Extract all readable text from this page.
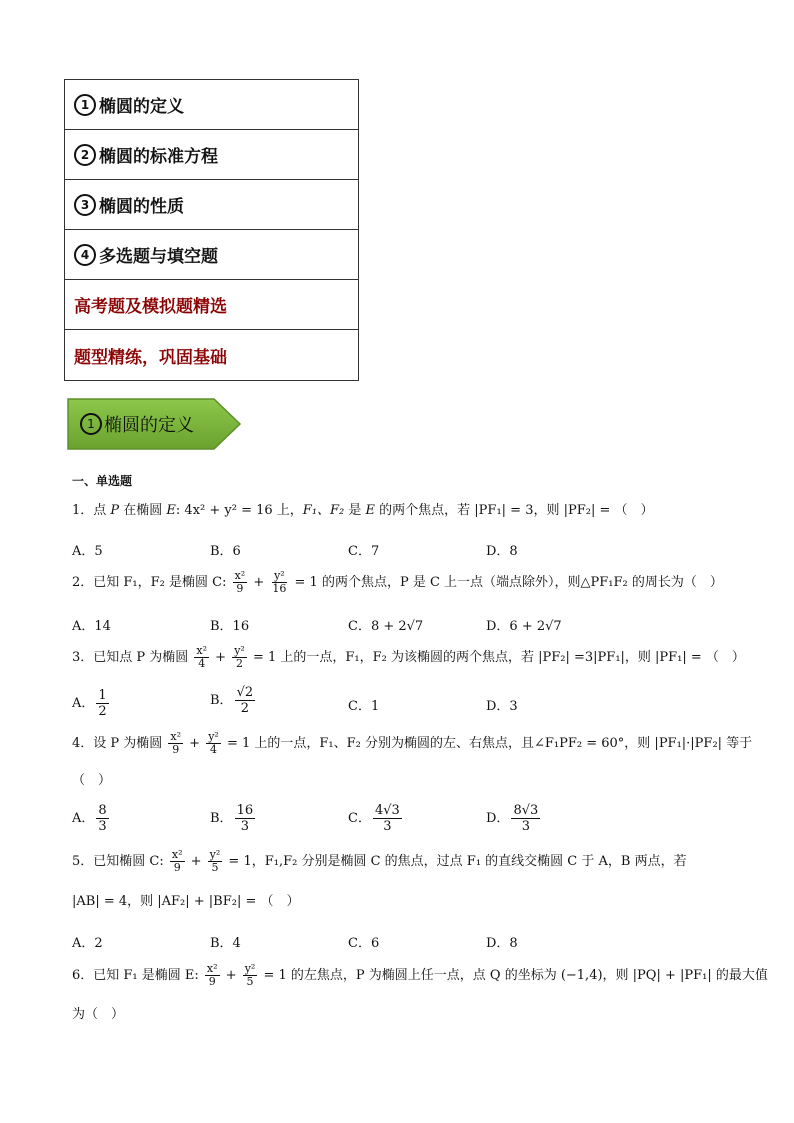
1 椭圆的定义
2 椭圆的标准方程
3 椭圆的性质
4 多选题与填空题
高考题及模拟题精选
题型精练，巩固基础
1 椭圆的定义
一、单选题
1．点 P 在椭圆 E: 4x² + y² = 16 上，F₁、F₂ 是 E 的两个焦点，若 |PF₁| = 3，则 |PF₂| = （　）
A．5	B．6	C．7	D．8
2．已知 F₁，F₂ 是椭圆 C: $\frac{\text{x²}}{9} + \frac{\text{y²}}{16} = 1$ 的两个焦点，P 是 C 上一点（端点除外），则△PF₁F₂ 的周长为（　）
A．14	B．16	C．8 + 2√7	D．6 + 2√7
3．已知点 P 为椭圆 $\frac{\text{x²}}{4} + \frac{\text{y²}}{2} = 1$ 上的一点，F₁，F₂ 为该椭圆的两个焦点，若 |PF₂| =3|PF₁|，则 |PF₁| = （　）
A． $\frac{1}{2}$	B． $\frac{√2}{2}$	C．1	D．3
4．设 P 为椭圆 $\frac{\text{x²}}{9} + \frac{\text{y²}}{4} = 1$ 上的一点，F₁、F₂ 分别为椭圆的左、右焦点，且∠F₁PF₂ = 60°，则 |PF₁|·|PF₂| 等于
（　）
A． $\frac{8}{3}$	B． $\frac{16}{3}$	C． $\frac{4√3}{3}$	D． $\frac{8√3}{3}$
5．已知椭圆 C: $\frac{\text{x²}}{9} + \frac{\text{y²}}{5} = 1$，F₁,F₂ 分别是椭圆 C 的焦点，过点 F₁ 的直线交椭圆 C 于 A，B 两点，若
|AB| = 4，则 |AF₂| + |BF₂| = （　）
A．2	B．4	C．6	D．8
6．已知 F₁ 是椭圆 E: $\frac{\text{x²}}{9} + \frac{\text{y²}}{5} = 1$ 的左焦点，P 为椭圆上任一点，点 Q 的坐标为 (−1,4)，则 |PQ| + |PF₁| 的最大值
为（　）
